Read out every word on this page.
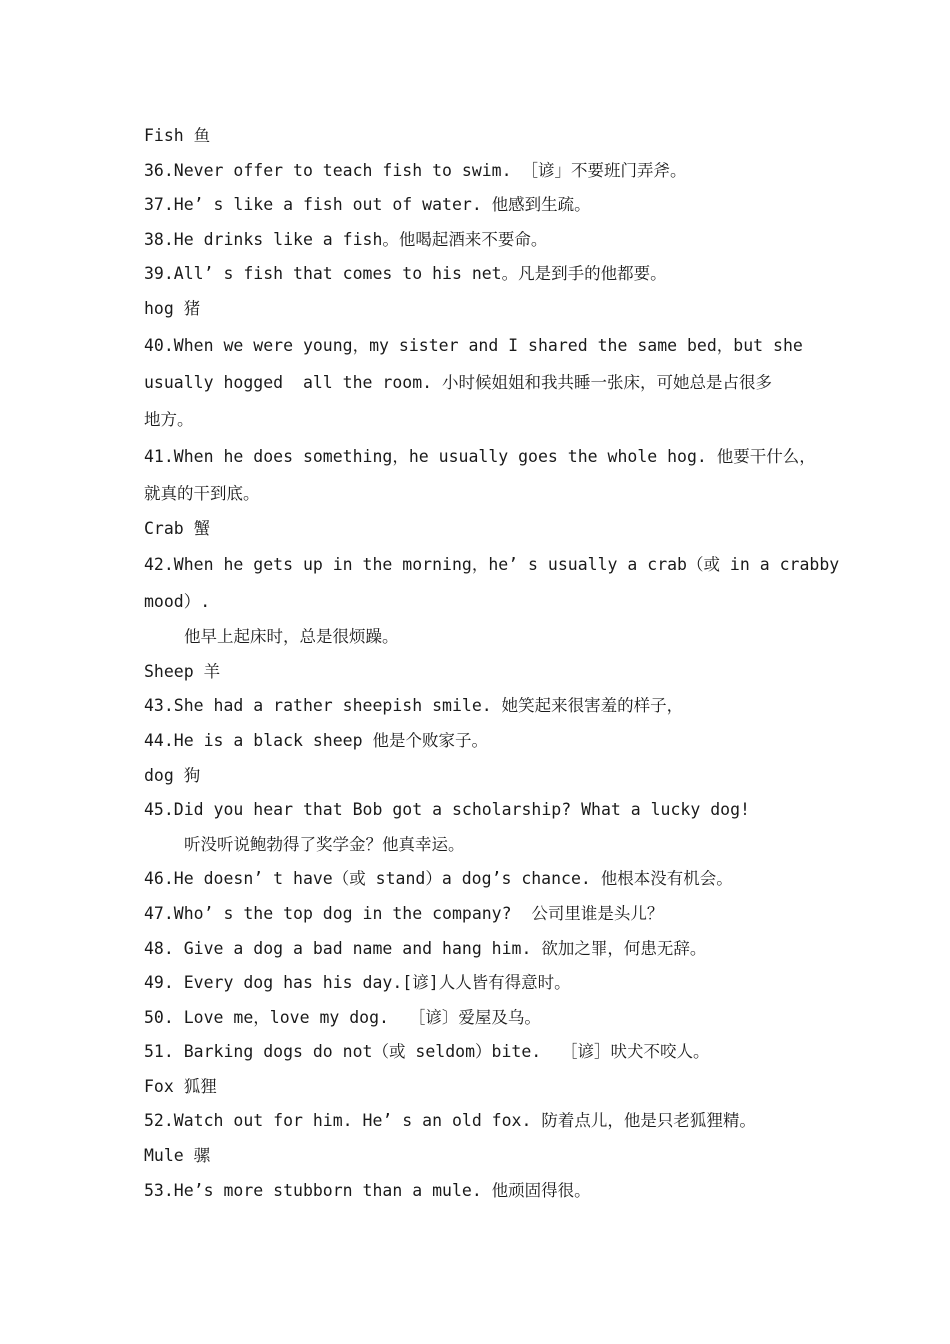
Fish 鱼
36.Never offer to teach fish to swim. ［谚」不要班门弄斧。
37.He’ s like a fish out of water. 他感到生疏。
38.He drinks like a fish。他喝起酒来不要命。
39.All’ s fish that comes to his net。凡是到手的他都要。
hog 猪
40.When we were young，my sister and I shared the same bed，but she
usually hogged  all the room. 小时候姐姐和我共睡一张床，可她总是占很多
地方。
41.When he does something，he usually goes the whole hog. 他要干什么，
就真的干到底。
Crab 蟹
42.When he gets up in the morning，he’ s usually a crab（或 in a crabby
mood）.
他早上起床时，总是很烦躁。
Sheep 羊
43.She had a rather sheepish smile. 她笑起来很害羞的样子，
44.He is a black sheep 他是个败家子。
dog 狗
45.Did you hear that Bob got a scholarship? What a lucky dog!
听没听说鲍勃得了奖学金？他真幸运。
46.He doesn’ t have（或 stand）a dog’s chance. 他根本没有机会。
47.Who’ s the top dog in the company?  公司里谁是头儿？
48. Give a dog a bad name and hang him. 欲加之罪，何患无辞。
49. Every dog has his day.[谚]人人皆有得意时。
50. Love me，love my dog.  ［谚〕爱屋及乌。
51. Barking dogs do not（或 seldom）bite.  ［谚］吠犬不咬人。
Fox 狐狸
52.Watch out for him. He’ s an old fox. 防着点儿，他是只老狐狸精。
Mule 骡
53.He’s more stubborn than a mule. 他顽固得很。
